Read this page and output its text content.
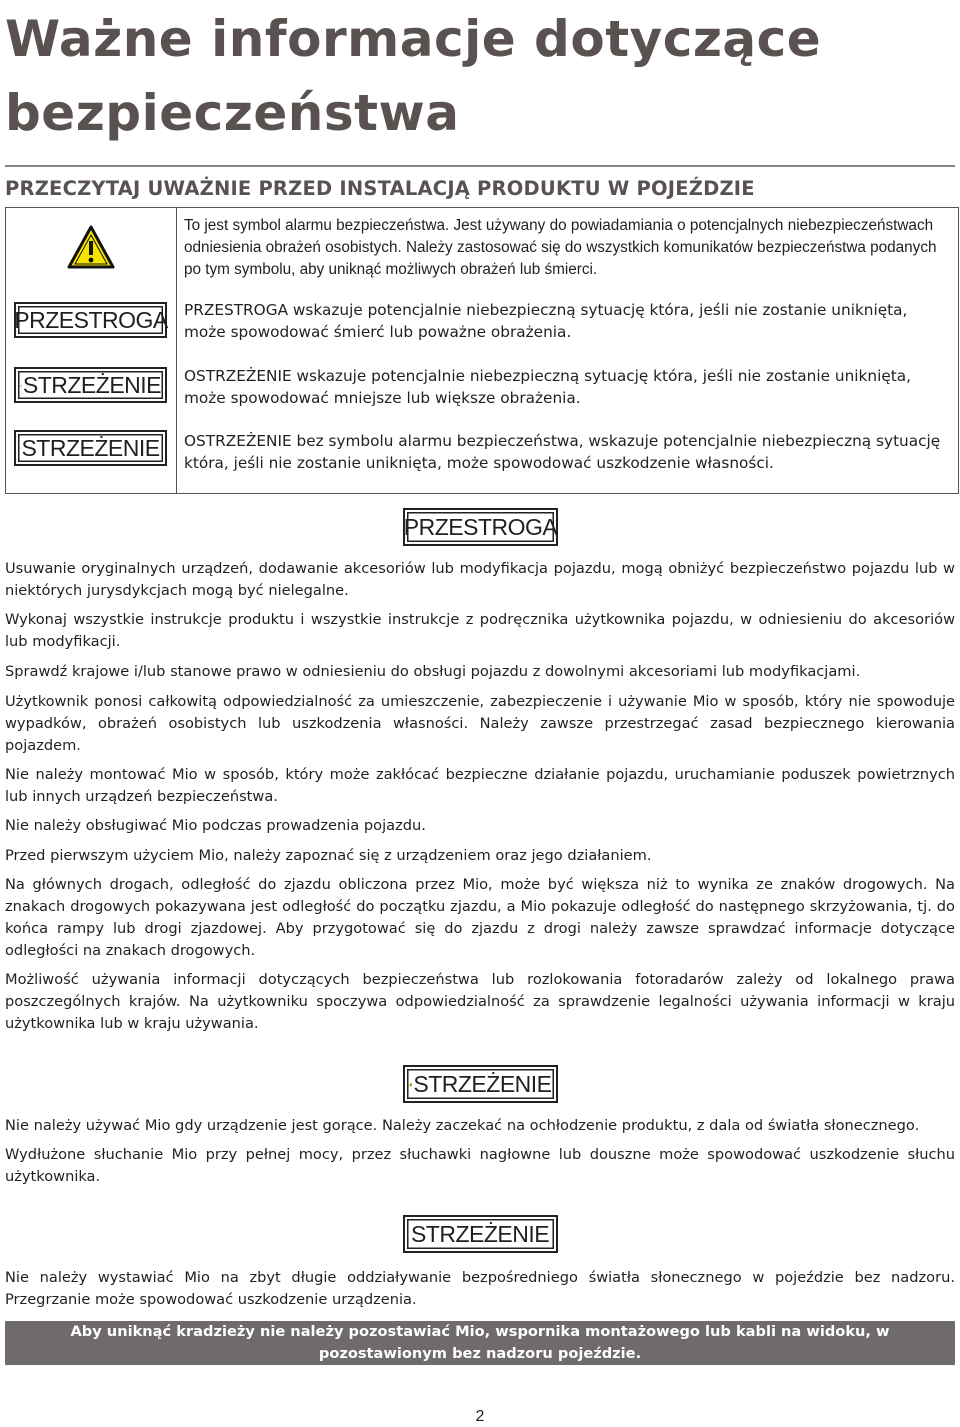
Ważne informacje dotyczące bezpieczeństwa
PRZECZYTAJ UWAŻNIE PRZED INSTALACJĄ PRODUKTU W POJEŹDZIE

To jest symbol alarmu bezpieczeństwa. Jest używany do powiadamiania o potencjalnych niebezpieczeństwach odniesienia obrażeń osobistych. Należy zastosować się do wszystkich komunikatów bezpieczeństwa podanych po tym symbolu, aby uniknąć możliwych obrażeń lub śmierci.

PRZESTROGA	PRZESTROGA wskazuje potencjalnie niebezpieczną sytuację która, jeśli nie zostanie uniknięta, może spowodować śmierć lub poważne obrażenia.

STRZEŻENIE	OSTRZEŻENIE wskazuje potencjalnie niebezpieczną sytuację która, jeśli nie zostanie uniknięta, może spowodować mniejsze lub większe obrażenia.

STRZEŻENIE	OSTRZEŻENIE bez symbolu alarmu bezpieczeństwa, wskazuje potencjalnie niebezpieczną sytuację która, jeśli nie zostanie uniknięta, może spowodować uszkodzenie własności.

PRZESTROGA

Usuwanie oryginalnych urządzeń, dodawanie akcesoriów lub modyfikacja pojazdu, mogą obniżyć bezpieczeństwo pojazdu lub w niektórych jurysdykcjach mogą być nielegalne.

Wykonaj wszystkie instrukcje produktu i wszystkie instrukcje z podręcznika użytkownika pojazdu, w odniesieniu do akcesoriów lub modyfikacji.

Sprawdź krajowe i/lub stanowe prawo w odniesieniu do obsługi pojazdu z dowolnymi akcesoriami lub modyfikacjami.

Użytkownik ponosi całkowitą odpowiedzialność za umieszczenie, zabezpieczenie i używanie Mio w sposób, który nie spowoduje wypadków, obrażeń osobistych lub uszkodzenia własności. Należy zawsze przestrzegać zasad bezpiecznego kierowania pojazdem.

Nie należy montować Mio w sposób, który może zakłócać bezpieczne działanie pojazdu, uruchamianie poduszek powietrznych lub innych urządzeń bezpieczeństwa.

Nie należy obsługiwać Mio podczas prowadzenia pojazdu.

Przed pierwszym użyciem Mio, należy zapoznać się z urządzeniem oraz jego działaniem.

Na głównych drogach, odległość do zjazdu obliczona przez Mio, może być większa niż to wynika ze znaków drogowych. Na znakach drogowych pokazywana jest odległość do początku zjazdu, a Mio pokazuje odległość do następnego skrzyżowania, tj. do końca rampy lub drogi zjazdowej. Aby przygotować się do zjazdu z drogi należy zawsze sprawdzać informacje dotyczące odległości na znakach drogowych.

Możliwość używania informacji dotyczących bezpieczeństwa lub rozlokowania fotoradarów zależy od lokalnego prawa poszczególnych krajów. Na użytkowniku spoczywa odpowiedzialność za sprawdzenie legalności używania informacji w kraju użytkownika lub w kraju używania.

STRZEŻENIE

Nie należy używać Mio gdy urządzenie jest gorące. Należy zaczekać na ochłodzenie produktu, z dala od światła słonecznego.

Wydłużone słuchanie Mio przy pełnej mocy, przez słuchawki nagłowne lub douszne może spowodować uszkodzenie słuchu użytkownika.

STRZEŻENIE

Nie należy wystawiać Mio na zbyt długie oddziaływanie bezpośredniego światła słonecznego w pojeździe bez nadzoru. Przegrzanie może spowodować uszkodzenie urządzenia.

Aby uniknąć kradzieży nie należy pozostawiać Mio, wspornika montażowego lub kabli na widoku, w pozostawionym bez nadzoru pojeździe.

2
